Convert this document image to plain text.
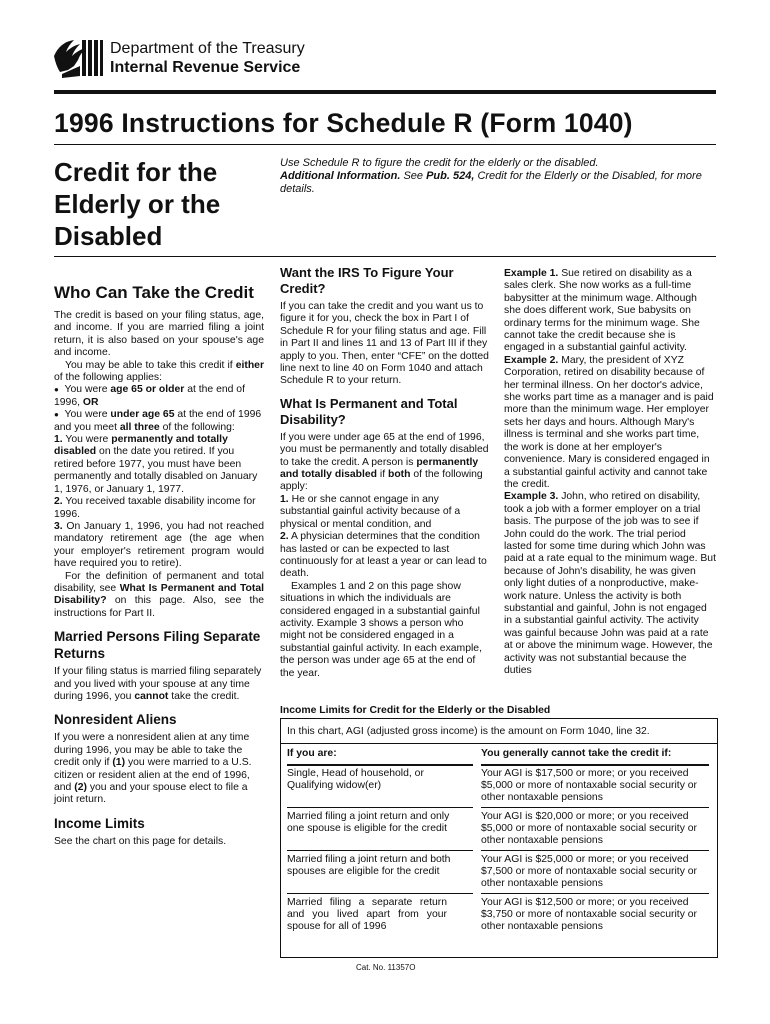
Department of the Treasury
Internal Revenue Service
1996 Instructions for Schedule R (Form 1040)
Credit for the
Elderly or the
Disabled
Use Schedule R to figure the credit for the elderly or the disabled.
Additional Information. See Pub. 524, Credit for the Elderly or the Disabled, for more details.
Who Can Take the Credit

The credit is based on your filing status, age, and income. If you are married filing a joint return, it is also based on your spouse's age and income.

You may be able to take this credit if either of the following applies:

● You were age 65 or older at the end of 1996, OR

● You were under age 65 at the end of 1996 and you meet all three of the following:

1. You were permanently and totally disabled on the date you retired. If you retired before 1977, you must have been permanently and totally disabled on January 1, 1976, or January 1, 1977.

2. You received taxable disability income for 1996.

3. On January 1, 1996, you had not reached mandatory retirement age (the age when your employer's retirement program would have required you to retire).

For the definition of permanent and total disability, see What Is Permanent and Total Disability? on this page. Also, see the instructions for Part II.

Married Persons Filing Separate Returns

If your filing status is married filing separately and you lived with your spouse at any time during 1996, you cannot take the credit.

Nonresident Aliens

If you were a nonresident alien at any time during 1996, you may be able to take the credit only if (1) you were married to a U.S. citizen or resident alien at the end of 1996, and (2) you and your spouse elect to file a joint return.

Income Limits

See the chart on this page for details.

Want the IRS To Figure Your Credit?

If you can take the credit and you want us to figure it for you, check the box in Part I of Schedule R for your filing status and age. Fill in Part II and lines 11 and 13 of Part III if they apply to you. Then, enter “CFE” on the dotted line next to line 40 on Form 1040 and attach Schedule R to your return.

What Is Permanent and Total Disability?

If you were under age 65 at the end of 1996, you must be permanently and totally disabled to take the credit. A person is permanently and totally disabled if both of the following apply:

1. He or she cannot engage in any substantial gainful activity because of a physical or mental condition, and

2. A physician determines that the condition has lasted or can be expected to last continuously for at least a year or can lead to death.

Examples 1 and 2 on this page show situations in which the individuals are considered engaged in a substantial gainful activity. Example 3 shows a person who might not be considered engaged in a substantial gainful activity. In each example, the person was under age 65 at the end of the year.

Example 1. Sue retired on disability as a sales clerk. She now works as a full-time babysitter at the minimum wage. Although she does different work, Sue babysits on ordinary terms for the minimum wage. She cannot take the credit because she is engaged in a substantial gainful activity.

Example 2. Mary, the president of XYZ Corporation, retired on disability because of her terminal illness. On her doctor's advice, she works part time as a manager and is paid more than the minimum wage. Her employer sets her days and hours. Although Mary's illness is terminal and she works part time, the work is done at her employer's convenience. Mary is considered engaged in a substantial gainful activity and cannot take the credit.

Example 3. John, who retired on disability, took a job with a former employer on a trial basis. The purpose of the job was to see if John could do the work. The trial period lasted for some time during which John was paid at a rate equal to the minimum wage. But because of John's disability, he was given only light duties of a nonproductive, make-work nature. Unless the activity is both substantial and gainful, John is not engaged in a substantial gainful activity. The activity was gainful because John was paid at a rate at or above the minimum wage. However, the activity was not substantial because the duties

Income Limits for Credit for the Elderly or the Disabled
In this chart, AGI (adjusted gross income) is the amount on Form 1040, line 32.
If you are:	You generally cannot take the credit if:
Single, Head of household, or Qualifying widow(er)
Your AGI is $17,500 or more; or you received $5,000 or more of nontaxable social security or other nontaxable pensions
Married filing a joint return and only one spouse is eligible for the credit
Your AGI is $20,000 or more; or you received $5,000 or more of nontaxable social security or other nontaxable pensions
Married filing a joint return and both spouses are eligible for the credit
Your AGI is $25,000 or more; or you received $7,500 or more of nontaxable social security or other nontaxable pensions
Married filing a separate return and you lived apart from your spouse for all of 1996
Your AGI is $12,500 or more; or you received $3,750 or more of nontaxable social security or other nontaxable pensions
Cat. No. 11357O
